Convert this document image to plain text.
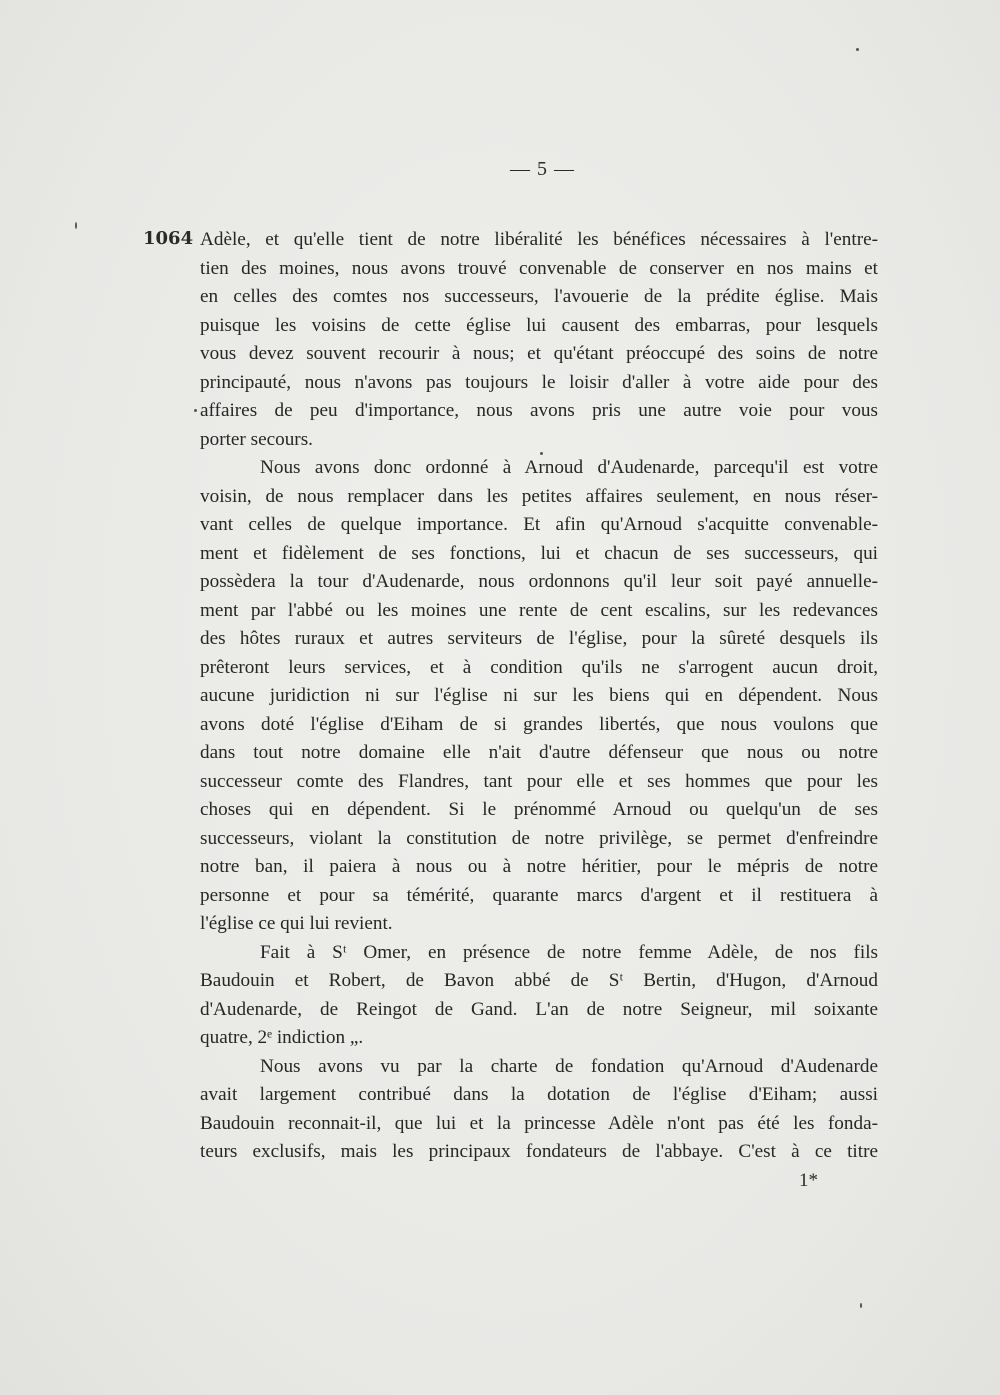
— 5 —
1064 Adèle, et qu'elle tient de notre libéralité les bénéfices nécessaires à l'entre-

tien des moines, nous avons trouvé convenable de conserver en nos mains et

en celles des comtes nos successeurs, l'avouerie de la prédite église. Mais

puisque les voisins de cette église lui causent des embarras, pour lesquels

vous devez souvent recourir à nous; et qu'étant préoccupé des soins de notre

principauté, nous n'avons pas toujours le loisir d'aller à votre aide pour des

affaires de peu d'importance, nous avons pris une autre voie pour vous

porter secours.

Nous avons donc ordonné à Arnoud d'Audenarde, parcequ'il est votre

voisin, de nous remplacer dans les petites affaires seulement, en nous réser-

vant celles de quelque importance. Et afin qu'Arnoud s'acquitte convenable-

ment et fidèlement de ses fonctions, lui et chacun de ses successeurs, qui

possèdera la tour d'Audenarde, nous ordonnons qu'il leur soit payé annuelle-

ment par l'abbé ou les moines une rente de cent escalins, sur les redevances

des hôtes ruraux et autres serviteurs de l'église, pour la sûreté desquels ils

prêteront leurs services, et à condition qu'ils ne s'arrogent aucun droit,

aucune juridiction ni sur l'église ni sur les biens qui en dépendent. Nous

avons doté l'église d'Eiham de si grandes libertés, que nous voulons que

dans tout notre domaine elle n'ait d'autre défenseur que nous ou notre

successeur comte des Flandres, tant pour elle et ses hommes que pour les

choses qui en dépendent. Si le prénommé Arnoud ou quelqu'un de ses

successeurs, violant la constitution de notre privilège, se permet d'enfreindre

notre ban, il paiera à nous ou à notre héritier, pour le mépris de notre

personne et pour sa témérité, quarante marcs d'argent et il restituera à

l'église ce qui lui revient.

Fait à Sᵗ Omer, en présence de notre femme Adèle, de nos fils

Baudouin et Robert, de Bavon abbé de Sᵗ Bertin, d'Hugon, d'Arnoud

d'Audenarde, de Reingot de Gand. L'an de notre Seigneur, mil soixante

quatre, 2ᵉ indiction „.

Nous avons vu par la charte de fondation qu'Arnoud d'Audenarde

avait largement contribué dans la dotation de l'église d'Eiham; aussi

Baudouin reconnait-il, que lui et la princesse Adèle n'ont pas été les fonda-

teurs exclusifs, mais les principaux fondateurs de l'abbaye. C'est à ce titre

1*
